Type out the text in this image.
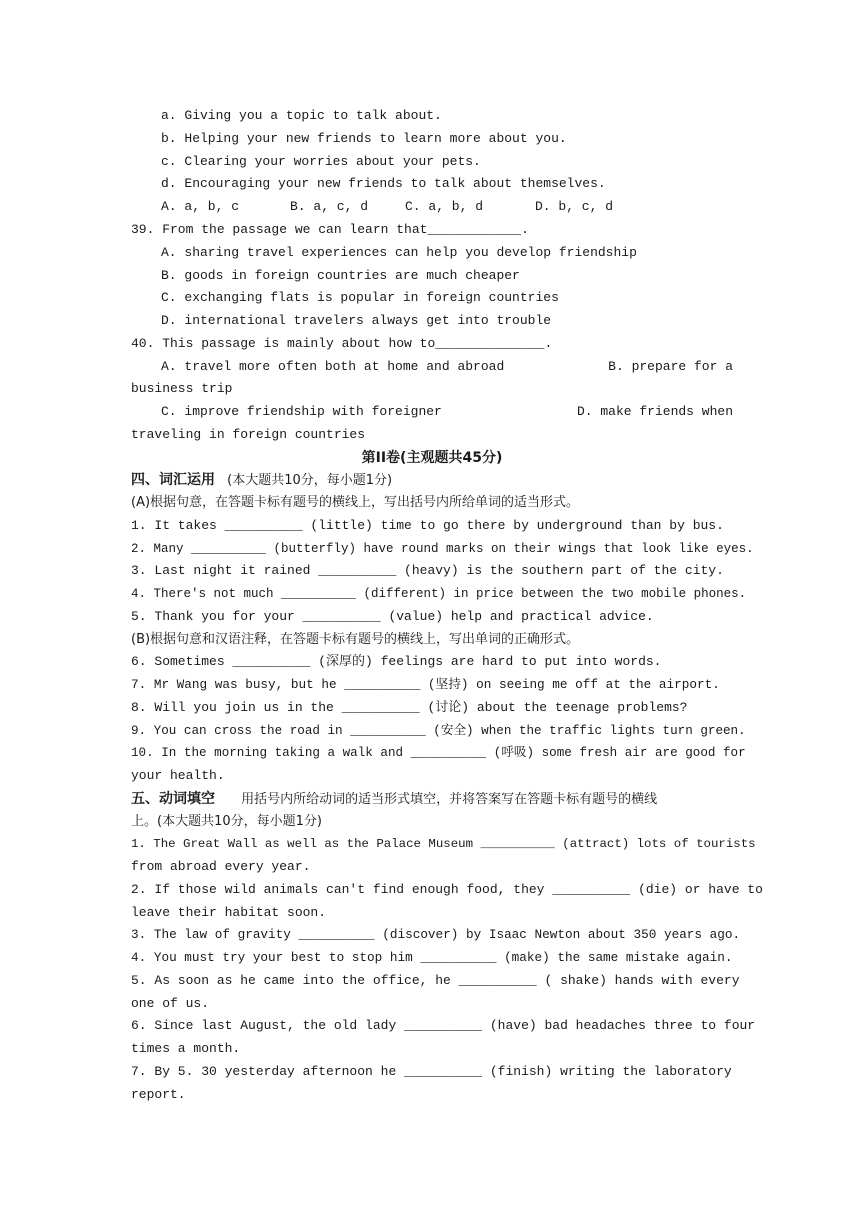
a. Giving you a topic to talk about.
b. Helping your new friends to learn more about you.
c. Clearing your worries about your pets.
d. Encouraging your new friends to talk about themselves.
A. a, b, c	B. a, c, d	C. a, b, d	D. b, c, d
39. From the passage we can learn that____________.
A. sharing travel experiences can help you develop friendship
B. goods in foreign countries are much cheaper
C. exchanging flats is popular in foreign countries
D. international travelers always get into trouble
40. This passage is mainly about how to______________.
A. travel more often both at home and abroad	B. prepare for a
business trip
C. improve friendship with foreigner	D. make friends when
traveling in foreign countries
第II卷(主观题共45分)
四、词汇运用 (本大题共10分，每小题1分)
(A)根据句意，在答题卡标有题号的横线上，写出括号内所给单词的适当形式。
1. It takes __________ (little) time to go there by underground than by bus.
2. Many __________ (butterfly) have round marks on their wings that look like eyes.
3. Last night it rained __________ (heavy) is the southern part of the city.
4. There's not much __________ (different) in price between the two mobile phones.
5. Thank you for your __________ (value) help and practical advice.
(B)根据句意和汉语注释，在答题卡标有题号的横线上，写出单词的正确形式。
6. Sometimes __________ (深厚的) feelings are hard to put into words.
7. Mr Wang was busy, but he __________ (坚持) on seeing me off at the airport.
8. Will you join us in the __________ (讨论) about the teenage problems?
9. You can cross the road in __________ (安全) when the traffic lights turn green.
10. In the morning taking a walk and __________ (呼吸) some fresh air are good for
your health.
五、动词填空 用括号内所给动词的适当形式填空，并将答案写在答题卡标有题号的横线
上。(本大题共10分，每小题1分)
1. The Great Wall as well as the Palace Museum __________ (attract) lots of tourists
from abroad every year.
2. If those wild animals can't find enough food, they __________ (die) or have to
leave their habitat soon.
3. The law of gravity __________ (discover) by Isaac Newton about 350 years ago.
4. You must try your best to stop him __________ (make) the same mistake again.
5. As soon as he came into the office, he __________ ( shake) hands with every
one of us.
6. Since last August, the old lady __________ (have) bad headaches three to four
times a month.
7. By 5. 30 yesterday afternoon he __________ (finish) writing the laboratory
report.
